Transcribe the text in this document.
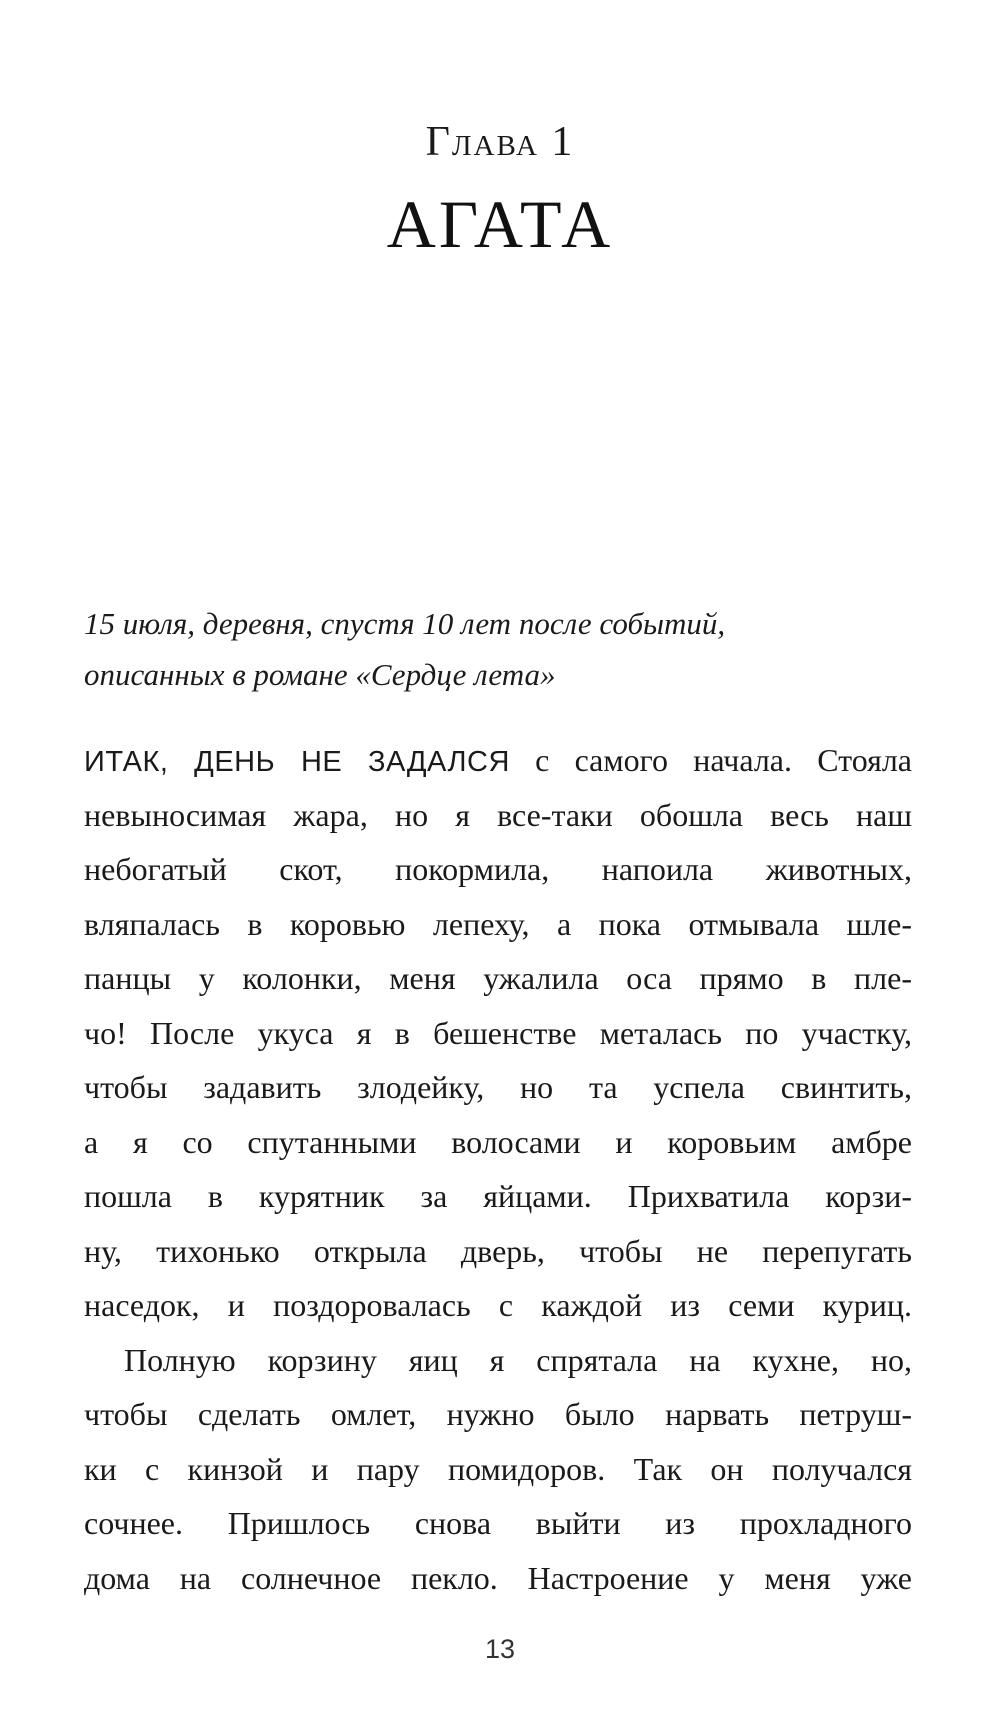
Глава 1
АГАТА
15 июля, деревня, спустя 10 лет после событий,
описанных в романе «Сердце лета»
ИТАК, ДЕНЬ НЕ ЗАДАЛСЯ с самого начала. Стояла
невыносимая жара, но я все-таки обошла весь наш
небогатый скот, покормила, напоила животных,
вляпалась в коровью лепеху, а пока отмывала шле-
панцы у колонки, меня ужалила оса прямо в пле-
чо! После укуса я в бешенстве металась по участку,
чтобы задавить злодейку, но та успела свинтить,
а я со спутанными волосами и коровьим амбре
пошла в курятник за яйцами. Прихватила корзи-
ну, тихонько открыла дверь, чтобы не перепугать
наседок, и поздоровалась с каждой из семи куриц.
Полную корзину яиц я спрятала на кухне, но,
чтобы сделать омлет, нужно было нарвать петруш-
ки с кинзой и пару помидоров. Так он получался
сочнее. Пришлось снова выйти из прохладного
дома на солнечное пекло. Настроение у меня уже
13
